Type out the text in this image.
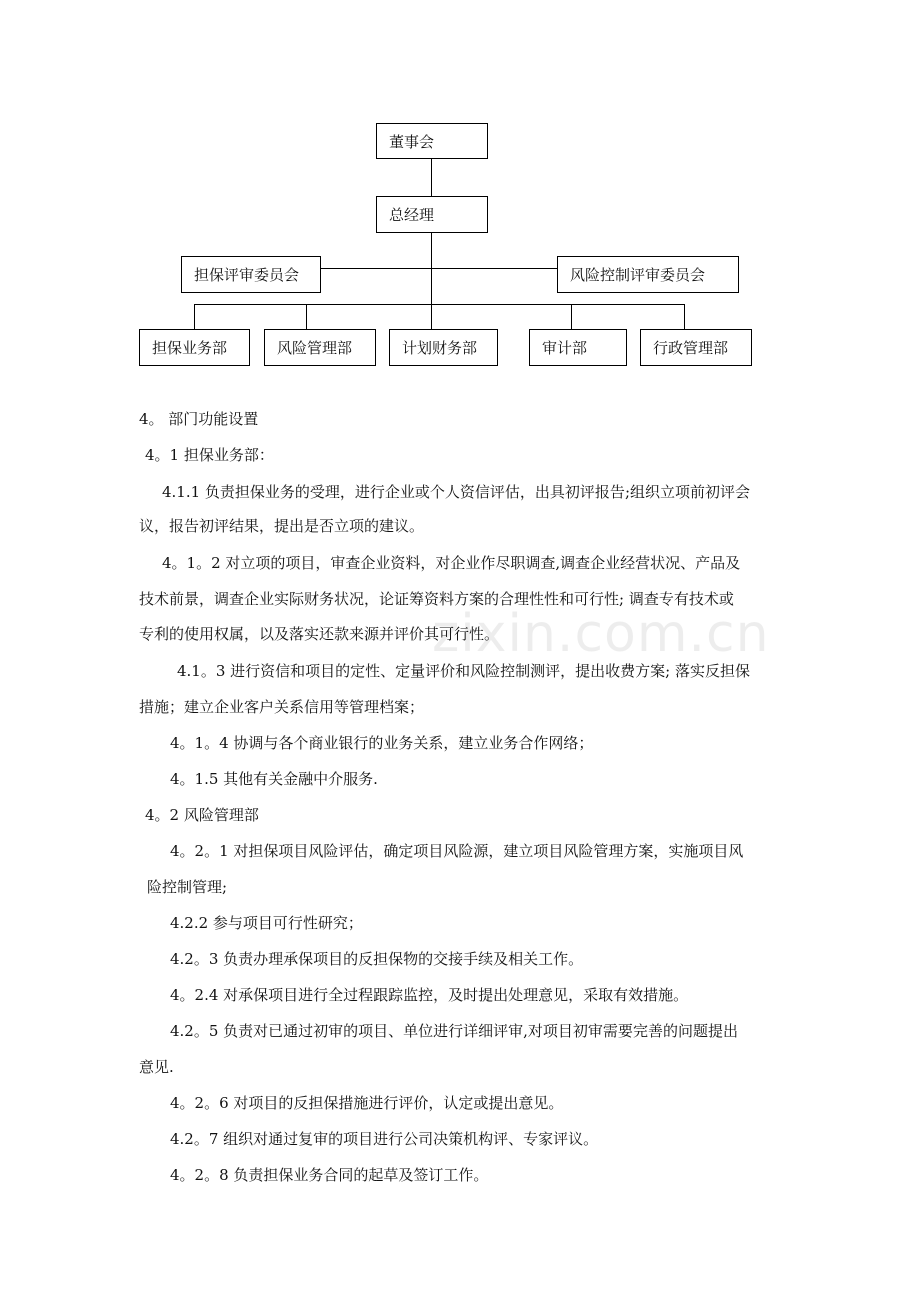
董事会
总经理
担保评审委员会	风险控制评审委员会
担保业务部	风险管理部	计划财务部	审计部	行政管理部
zixin.com.cn
4。 部门功能设置
4。1 担保业务部：
4.1.1 负责担保业务的受理，进行企业或个人资信评估，出具初评报告;组织立项前初评会
议，报告初评结果，提出是否立项的建议。
4。1。2 对立项的项目，审查企业资料，对企业作尽职调查,调查企业经营状况、产品及
技术前景，调查企业实际财务状况，论证筹资料方案的合理性性和可行性; 调查专有技术或
专利的使用权属，以及落实还款来源并评价其可行性。
4.1。3 进行资信和项目的定性、定量评价和风险控制测评，提出收费方案; 落实反担保
措施；建立企业客户关系信用等管理档案；
4。1。4 协调与各个商业银行的业务关系，建立业务合作网络；
4。1.5 其他有关金融中介服务.
4。2 风险管理部
4。2。1 对担保项目风险评估，确定项目风险源，建立项目风险管理方案，实施项目风
险控制管理;
4.2.2 参与项目可行性研究；
4.2。3 负责办理承保项目的反担保物的交接手续及相关工作。
4。2.4 对承保项目进行全过程跟踪监控，及时提出处理意见，采取有效措施。
4.2。5 负责对已通过初审的项目、单位进行详细评审,对项目初审需要完善的问题提出
意见.
4。2。6 对项目的反担保措施进行评价，认定或提出意见。
4.2。7 组织对通过复审的项目进行公司决策机构评、专家评议。
4。2。8 负责担保业务合同的起草及签订工作。
